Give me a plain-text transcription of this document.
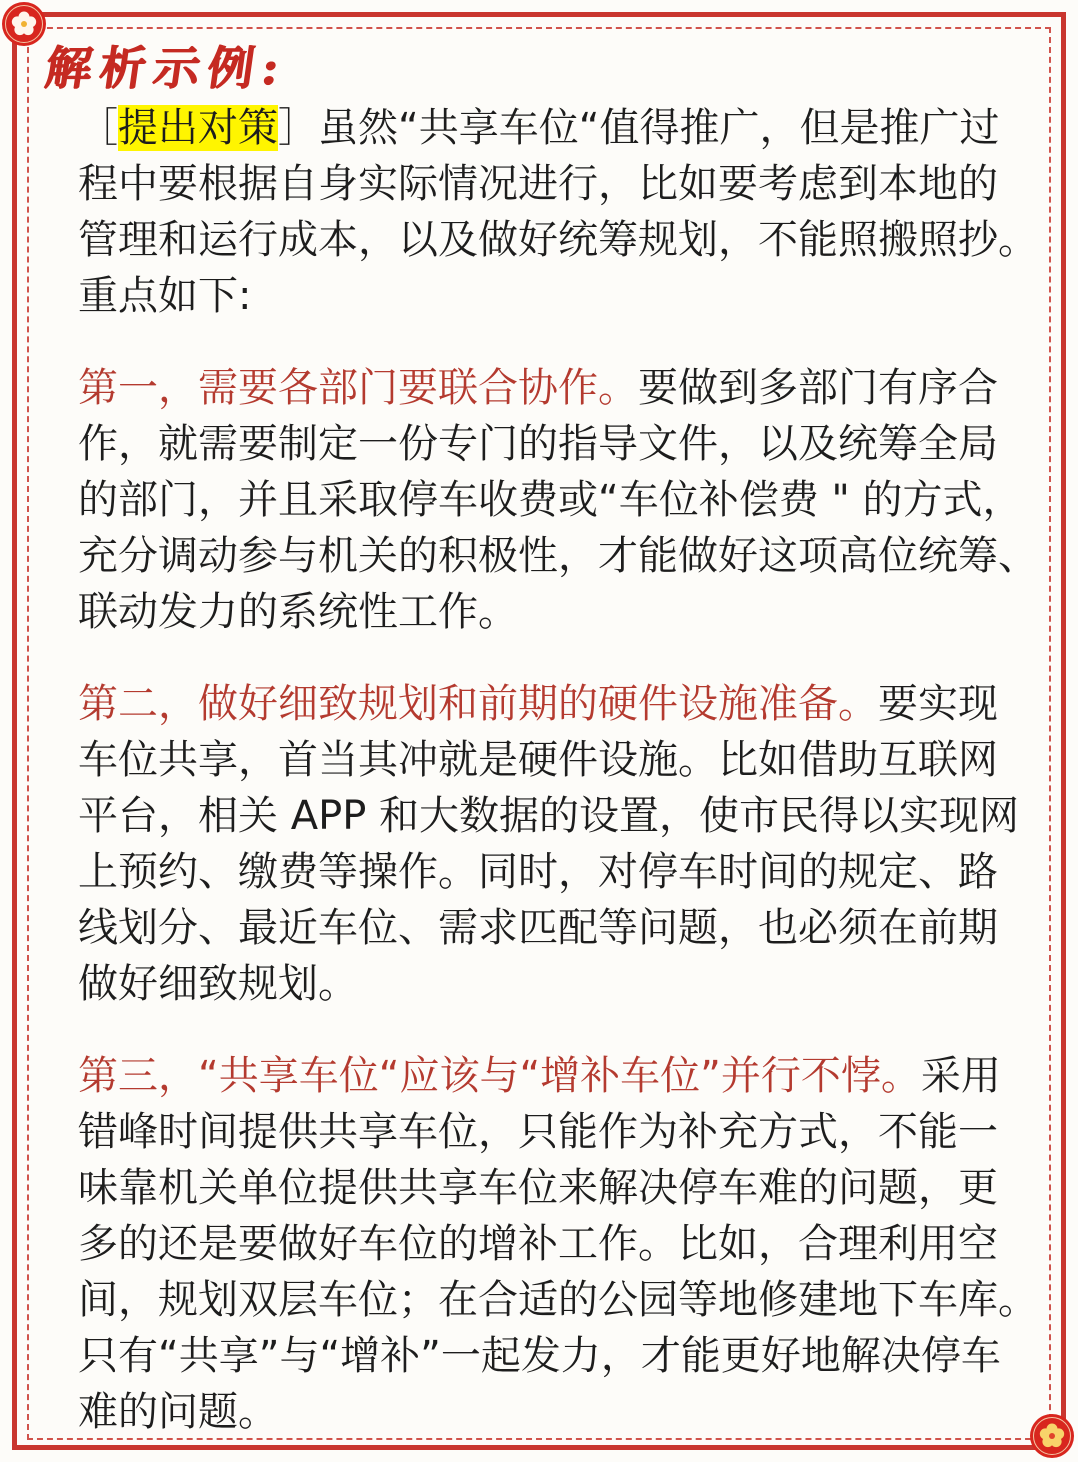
解析示例:
［提出对策］虽然“共享车位“值得推广，但是推广过
程中要根据自身实际情况进行，比如要考虑到本地的
管理和运行成本，以及做好统筹规划，不能照搬照抄。
重点如下:
第一，需要各部门要联合协作。要做到多部门有序合
作，就需要制定一份专门的指导文件，以及统筹全局
的部门，并且采取停车收费或“车位补偿费 " 的方式，
充分调动参与机关的积极性，才能做好这项高位统筹、
联动发力的系统性工作。
第二，做好细致规划和前期的硬件设施准备。要实现
车位共享，首当其冲就是硬件设施。比如借助互联网
平台，相关 APP 和大数据的设置，使市民得以实现网
上预约、缴费等操作。同时，对停车时间的规定、路
线划分、最近车位、需求匹配等问题，也必须在前期
做好细致规划。
第三，“共享车位“应该与“增补车位”并行不悖。采用
错峰时间提供共享车位，只能作为补充方式，不能一
味靠机关单位提供共享车位来解决停车难的问题，更
多的还是要做好车位的增补工作。比如，合理利用空
间，规划双层车位；在合适的公园等地修建地下车库。
只有“共享”与“增补”一起发力，才能更好地解决停车
难的问题。
